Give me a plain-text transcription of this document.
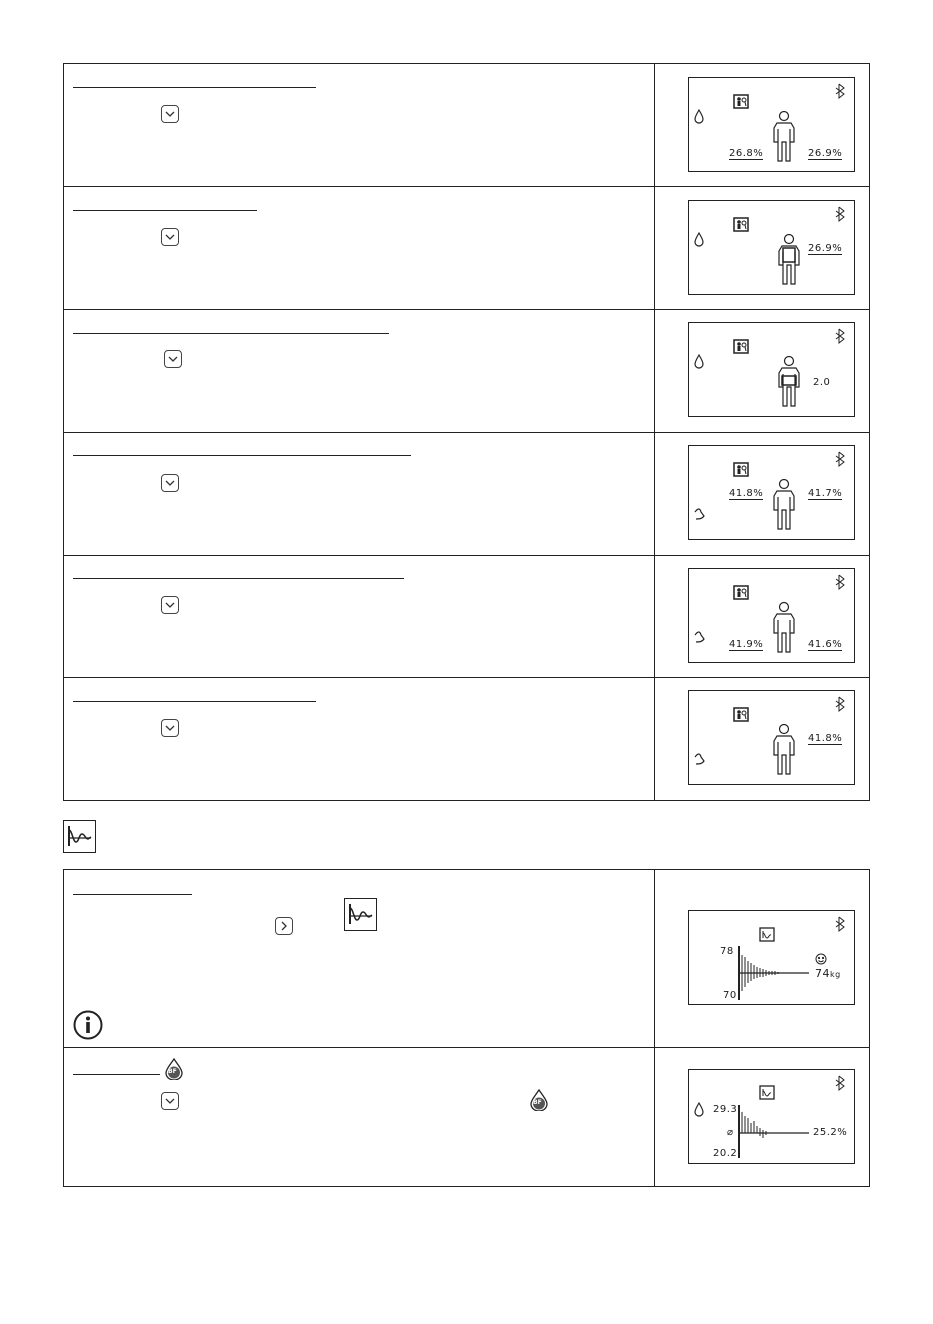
26.8%	26.9%
26.9%
2.0
41.8%	41.7%
41.9%	41.6%
41.8%
BF
BF
78
70
74kg
29.3
⌀
20.2
25.2%
